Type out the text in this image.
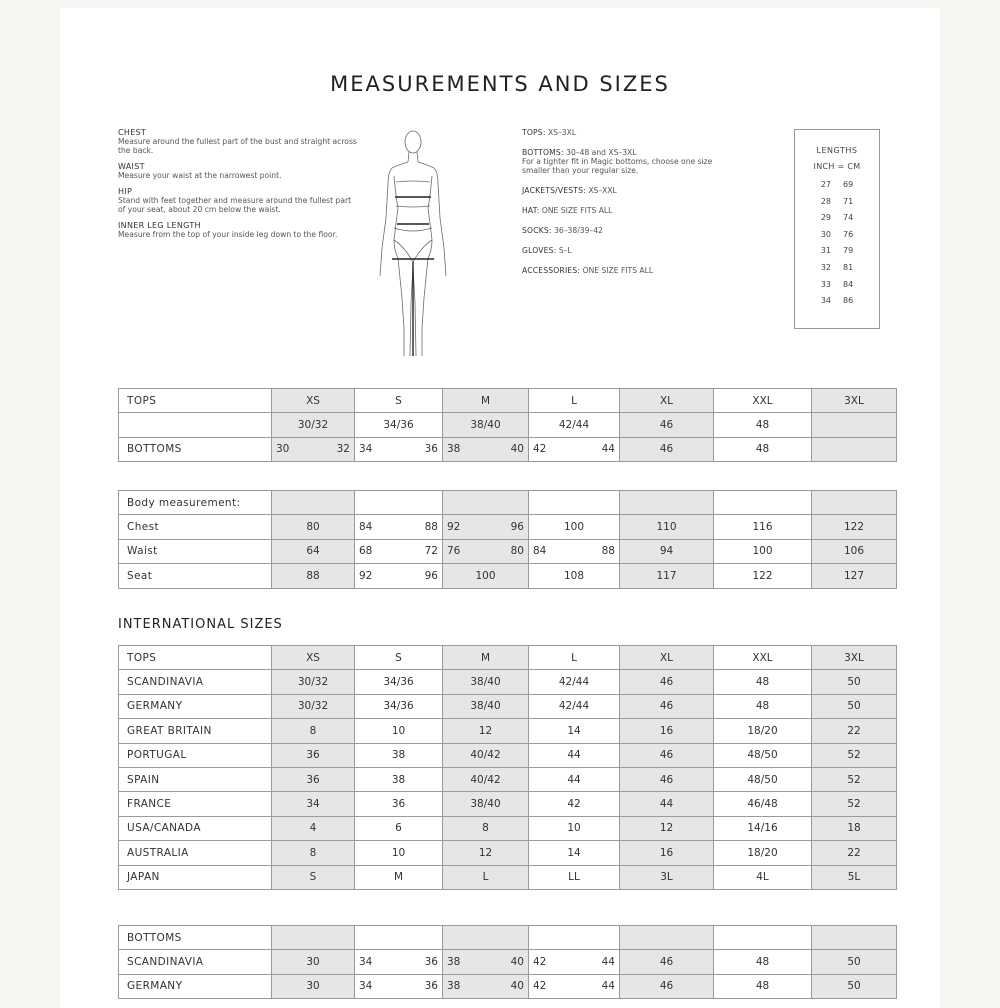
MEASUREMENTS AND SIZES
CHEST
Measure around the fullest part of the bust and straight across the back.
WAIST
Measure your waist at the narrowest point.
HIP
Stand with feet together and measure around the fullest part of your seat, about 20 cm below the waist.
INNER LEG LENGTH
Measure from the top of your inside leg down to the floor.
TOPS: XS–3XL
BOTTOMS: 30–48 and XS–3XL
For a tighter fit in Magic bottoms, choose one size smaller than your regular size.
JACKETS/VESTS: XS–XXL
HAT: ONE SIZE FITS ALL
SOCKS: 36–38/39–42
GLOVES: S–L
ACCESSORIES: ONE SIZE FITS ALL
LENGTHS
INCH = CM
27 69
28 71
29 74
30 76
31 79
32 81
33 84
34 86
TOPS	XS	S	M	L	XL	XXL	3XL
	30/32	34/36	38/40	42/44	46	48	
BOTTOMS	30 32	34 36	38 40	42 44	46	48	
Body measurement:							
Chest	80	84 88	92 96	100	110	116	122
Waist	64	68 72	76 80	84 88	94	100	106
Seat	88	92 96	100	108	117	122	127
INTERNATIONAL SIZES
TOPS	XS	S	M	L	XL	XXL	3XL
SCANDINAVIA	30/32	34/36	38/40	42/44	46	48	50
GERMANY	30/32	34/36	38/40	42/44	46	48	50
GREAT BRITAIN	8	10	12	14	16	18/20	22
PORTUGAL	36	38	40/42	44	46	48/50	52
SPAIN	36	38	40/42	44	46	48/50	52
FRANCE	34	36	38/40	42	44	46/48	52
USA/CANADA	4	6	8	10	12	14/16	18
AUSTRALIA	8	10	12	14	16	18/20	22
JAPAN	S	M	L	LL	3L	4L	5L
BOTTOMS							
SCANDINAVIA	30	34 36	38 40	42 44	46	48	50
GERMANY	30	34 36	38 40	42 44	46	48	50
